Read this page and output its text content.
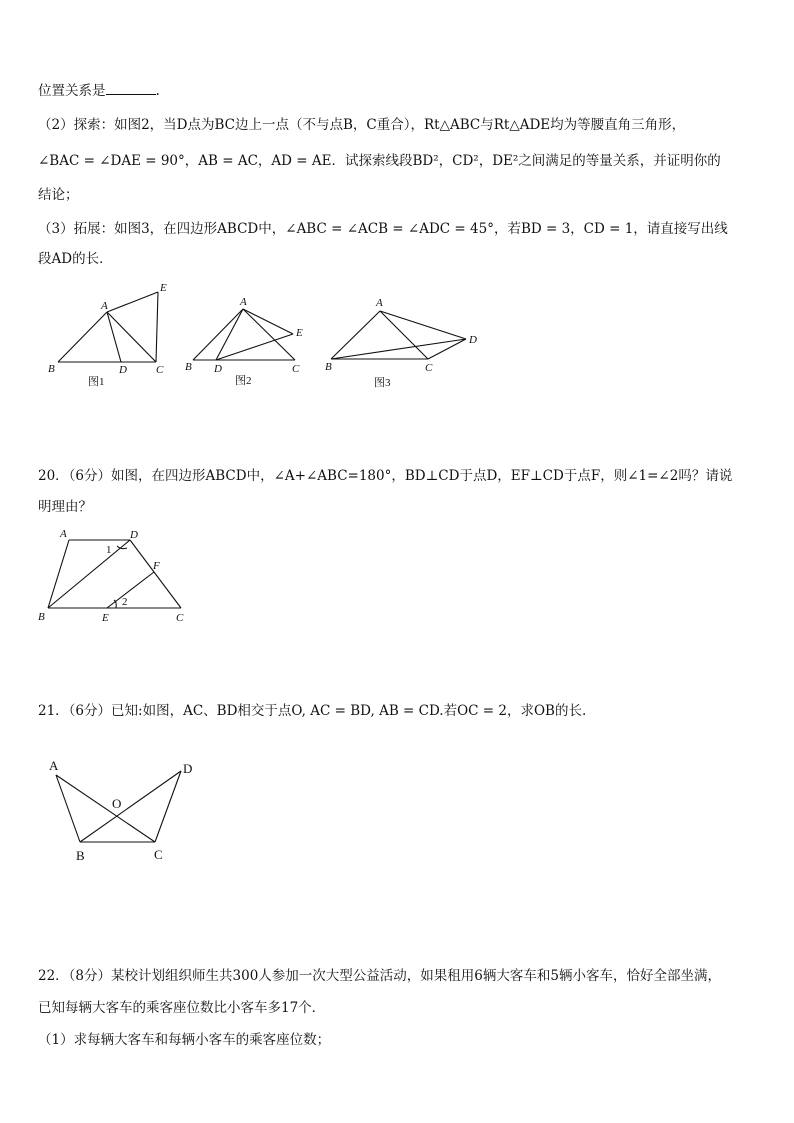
位置关系是	.
（2）探索：如图2，当D点为BC边上一点（不与点B，C重合），Rt△ABC与Rt△ADE均为等腰直角三角形，
∠BAC = ∠DAE = 90°，AB = AC，AD = AE．试探索线段BD²，CD²，DE²之间满足的等量关系，并证明你的
结论；
（3）拓展：如图3，在四边形ABCD中，∠ABC = ∠ACB = ∠ADC = 45°，若BD = 3，CD = 1，请直接写出线
段AD的长．
A
B	D	C
E
图1
A
B D	C
E
图2
A
B	C
D
图3
20．（6分）如图，在四边形ABCD中，∠A+∠ABC=180°，BD⊥CD于点D，EF⊥CD于点F，则∠1=∠2吗？请说
明理由？
A	D
B	E	C
F
1
2
21．（6分）已知:如图，AC、BD相交于点O, AC = BD, AB = CD.若OC = 2，求OB的长.
A	D
O
B	C
22．（8分）某校计划组织师生共300人参加一次大型公益活动，如果租用6辆大客车和5辆小客车，恰好全部坐满，
已知每辆大客车的乘客座位数比小客车多17个．
（1）求每辆大客车和每辆小客车的乘客座位数；
